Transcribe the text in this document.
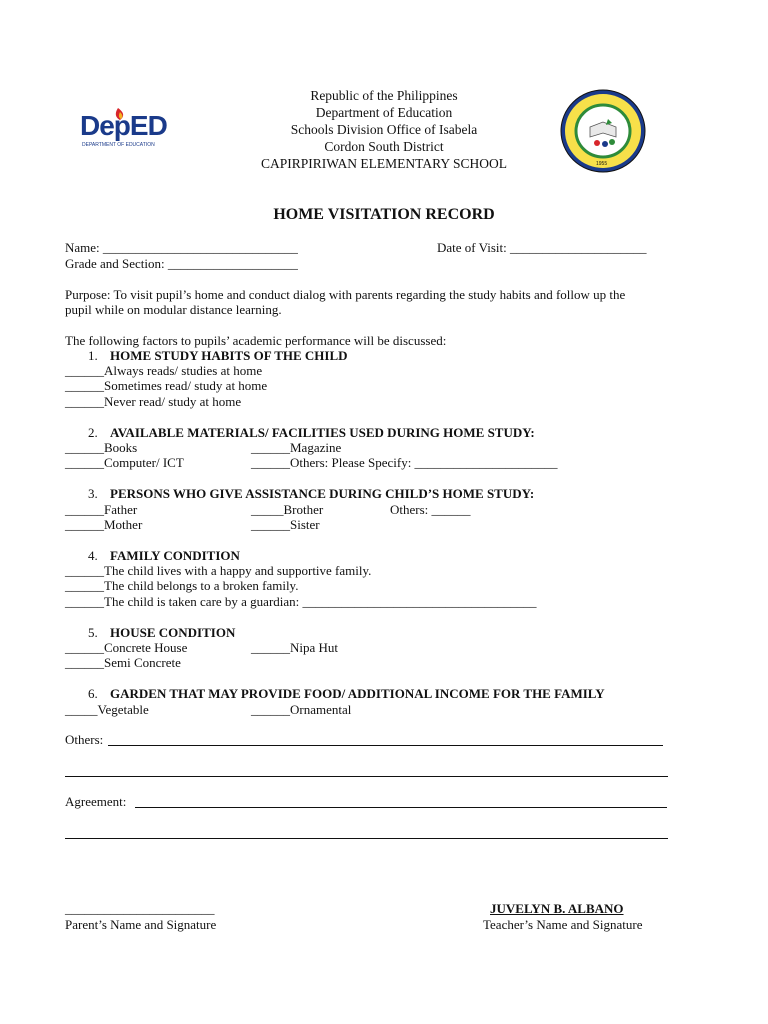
DepED
DEPARTMENT OF EDUCATION
Republic of the Philippines
Department of Education
Schools Division Office of Isabela
Cordon South District
CAPIRPIRIWAN ELEMENTARY SCHOOL	1955
HOME VISITATION RECORD
Name: ______________________________	Date of Visit: _____________________
Grade and Section: ____________________
Purpose: To visit pupil’s home and conduct dialog with parents regarding the study habits and follow up the
pupil while on modular distance learning.
The following factors to pupils’ academic performance will be discussed:
1. HOME STUDY HABITS OF THE CHILD
______Always reads/ studies at home
______Sometimes read/ study at home
______Never read/ study at home
2. AVAILABLE MATERIALS/ FACILITIES USED DURING HOME STUDY:
______Books	______Magazine
______Computer/ ICT	______Others: Please Specify: ______________________
3. PERSONS WHO GIVE ASSISTANCE DURING CHILD’S HOME STUDY:
______Father	_____Brother	Others: ______
______Mother	______Sister
4. FAMILY CONDITION
______The child lives with a happy and supportive family.
______The child belongs to a broken family.
______The child is taken care by a guardian: ____________________________________
5. HOUSE CONDITION
______Concrete House	______Nipa Hut
______Semi Concrete
6. GARDEN THAT MAY PROVIDE FOOD/ ADDITIONAL INCOME FOR THE FAMILY
_____Vegetable	______Ornamental
Others:
Agreement:
_______________________
Parent’s Name and Signature
JUVELYN B. ALBANO
Teacher’s Name and Signature
